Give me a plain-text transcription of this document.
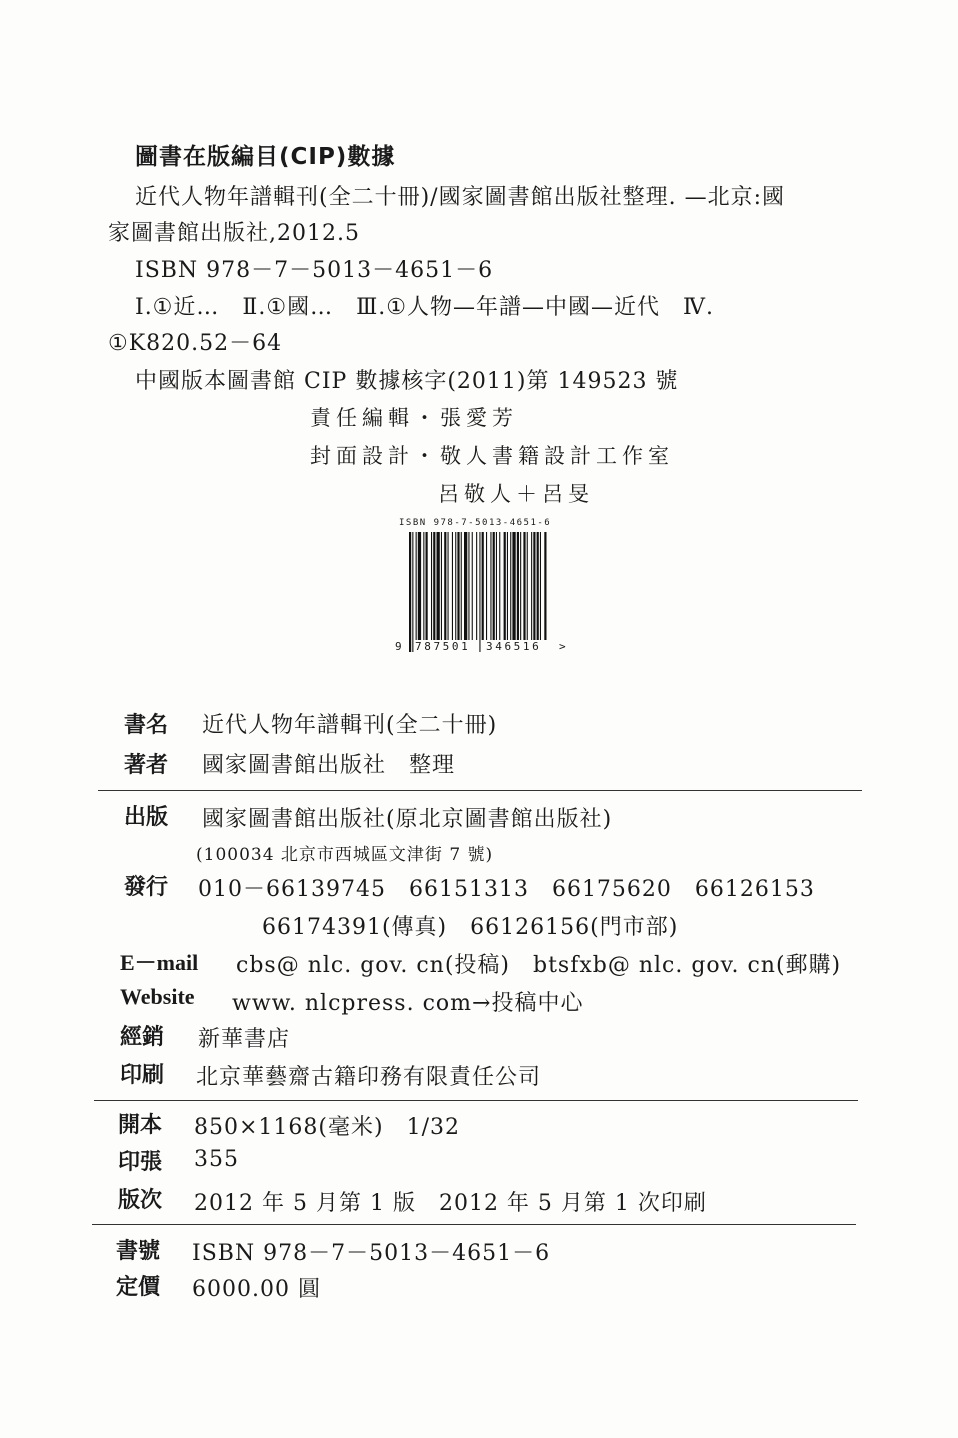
圖書在版編目(CIP)數據
近代人物年譜輯刊(全二十冊)/國家圖書館出版社整理. —北京:國
家圖書館出版社,2012.5
ISBN 978－7－5013－4651－6
Ⅰ.①近…　Ⅱ.①國…　Ⅲ.①人物—年譜—中國—近代　Ⅳ.
①K820.52－64
中國版本圖書館 CIP 數據核字(2011)第 149523 號
責任編輯・張愛芳
封面設計・敬人書籍設計工作室
呂敬人＋呂旻
ISBN 978-7-5013-4651-6
9 787501 346516 >
書名 近代人物年譜輯刊(全二十冊)
著者 國家圖書館出版社　整理
出版 國家圖書館出版社(原北京圖書館出版社)
(100034 北京市西城區文津街 7 號)
發行 010－66139745　66151313　66175620　66126153
66174391(傳真)　66126156(門市部)
E－mail cbs@ nlc. gov. cn(投稿)　btsfxb@ nlc. gov. cn(郵購)
Website www. nlcpress. com→投稿中心
經銷 新華書店
印刷 北京華藝齋古籍印務有限責任公司
開本 850×1168(毫米)　1/32
印張 355
版次 2012 年 5 月第 1 版　2012 年 5 月第 1 次印刷
書號 ISBN 978－7－5013－4651－6
定價 6000.00 圓
